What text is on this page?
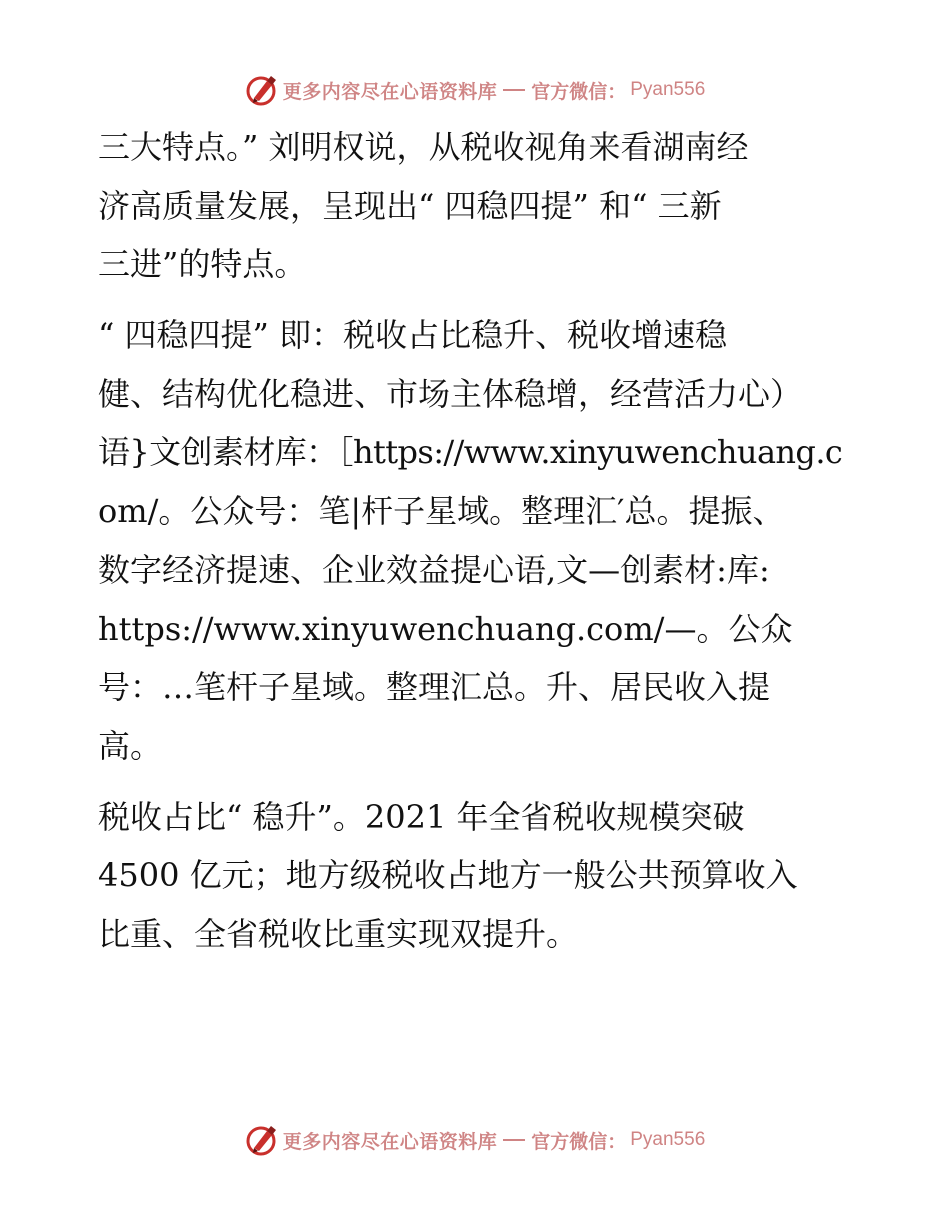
更多内容尽在心语资料库 官方微信： Pyan556
三大特点。” 刘明权说，从税收视角来看湖南经
济高质量发展，呈现出“ 四稳四提” 和“ 三新
三进”的特点。
“ 四稳四提” 即：税收占比稳升、税收增速稳
健、结构优化稳进、市场主体稳增，经营活力心）
语}文创素材库：［https://www.xinyuwenchuang.c
om/。公众号：笔|杆子星域。整理汇′总。提振、
数字经济提速、企业效益提心语,文—创素材:库:
https://www.xinyuwenchuang.com/—。公众
号：…笔杆子星域。整理汇总。升、居民收入提
高。
税收占比“ 稳升”。2021 年全省税收规模突破
4500 亿元；地方级税收占地方一般公共预算收入
比重、全省税收比重实现双提升。
更多内容尽在心语资料库 官方微信： Pyan556
